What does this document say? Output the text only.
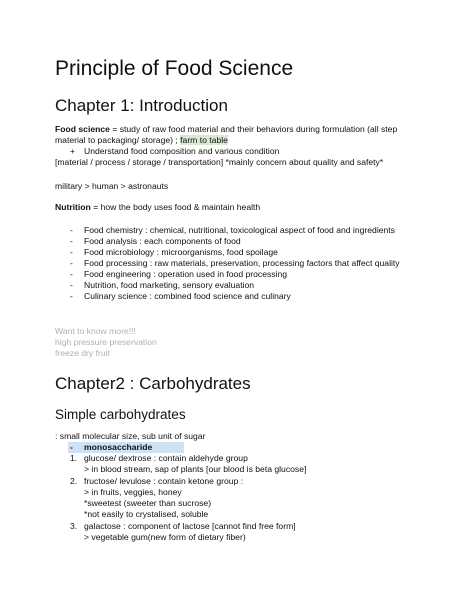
Principle of Food Science
Chapter 1: Introduction
Food science = study of raw food material and their behaviors during formulation (all step
material to packaging/ storage) ; farm to table
+ Understand food composition and various condition
[material / process / storage / transportation] *mainly concern about quality and safety*
military > human > astronauts
Nutrition = how the body uses food & maintain health
- Food chemistry : chemical, nutritional, toxicological aspect of food and ingredients
- Food analysis : each components of food
- Food microbiology : microorganisms, food spoilage
- Food processing : raw materials, preservation, processing factors that affect quality
- Food engineering : operation used in food processing
- Nutrition, food marketing, sensory evaluation
- Culinary science : combined food science and culinary
Want to know more!!!
high pressure preservation
freeze dry fruit
Chapter2 : Carbohydrates
Simple carbohydrates
: small molecular size, sub unit of sugar
- monosaccharide
1. glucose/ dextrose : contain aldehyde group
> in blood stream, sap of plants [our blood is beta glucose]
2. fructose/ levulose : contain ketone group :
> in fruits, veggies, honey
*sweetest (sweeter than sucrose)
*not easily to crystalised, soluble
3. galactose : component of lactose [cannot find free form]
> vegetable gum(new form of dietary fiber)
